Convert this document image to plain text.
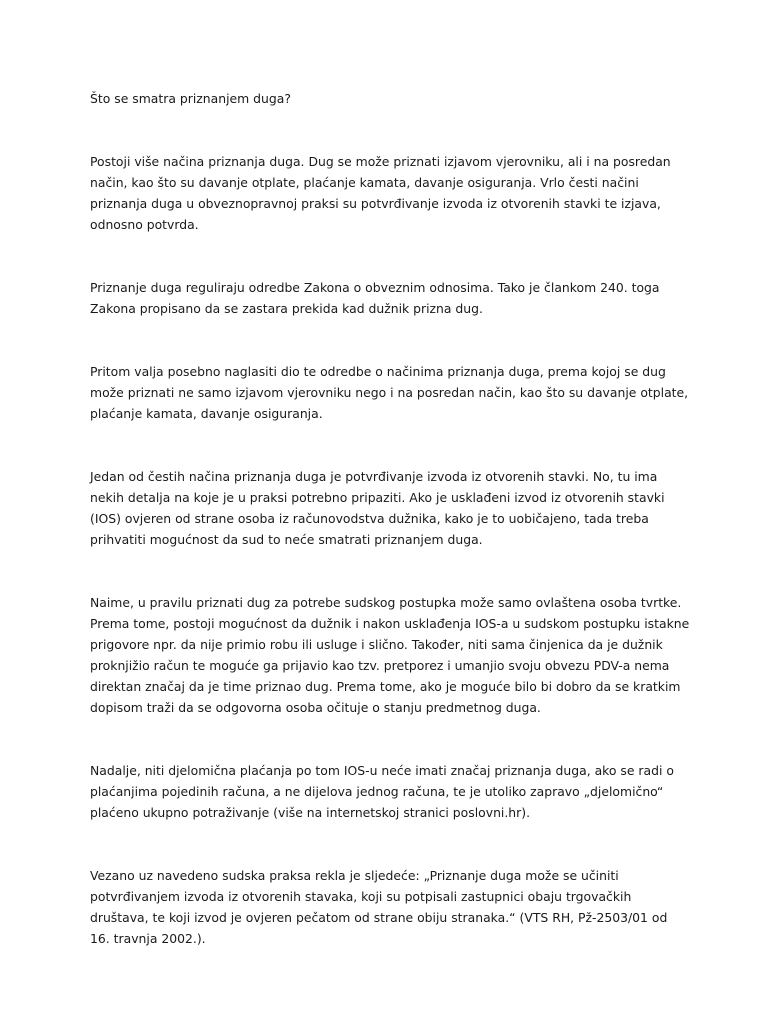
Što se smatra priznanjem duga?

Postoji više načina priznanja duga. Dug se može priznati izjavom vjerovniku, ali i na posredan način, kao što su davanje otplate, plaćanje kamata, davanje osiguranja. Vrlo česti načini priznanja duga u obveznopravnoj praksi su potvrđivanje izvoda iz otvorenih stavki te izjava, odnosno potvrda.

Priznanje duga reguliraju odredbe Zakona o obveznim odnosima. Tako je člankom 240. toga Zakona propisano da se zastara prekida kad dužnik prizna dug.

Pritom valja posebno naglasiti dio te odredbe o načinima priznanja duga, prema kojoj se dug može priznati ne samo izjavom vjerovniku nego i na posredan način, kao što su davanje otplate, plaćanje kamata, davanje osiguranja.

Jedan od čestih načina priznanja duga je potvrđivanje izvoda iz otvorenih stavki. No, tu ima nekih detalja na koje je u praksi potrebno pripaziti. Ako je usklađeni izvod iz otvorenih stavki (IOS) ovjeren od strane osoba iz računovodstva dužnika, kako je to uobičajeno, tada treba prihvatiti mogućnost da sud to neće smatrati priznanjem duga.

Naime, u pravilu priznati dug za potrebe sudskog postupka može samo ovlaštena osoba tvrtke. Prema tome, postoji mogućnost da dužnik i nakon usklađenja IOS-a u sudskom postupku istakne prigovore npr. da nije primio robu ili usluge i slično. Također, niti sama činjenica da je dužnik proknjižio račun te moguće ga prijavio kao tzv. pretporez i umanjio svoju obvezu PDV-a nema direktan značaj da je time priznao dug. Prema tome, ako je moguće bilo bi dobro da se kratkim dopisom traži da se odgovorna osoba očituje o stanju predmetnog duga.

Nadalje, niti djelomična plaćanja po tom IOS-u neće imati značaj priznanja duga, ako se radi o plaćanjima pojedinih računa, a ne dijelova jednog računa, te je utoliko zapravo „djelomično“ plaćeno ukupno potraživanje (više na internetskoj stranici poslovni.hr).

Vezano uz navedeno sudska praksa rekla je sljedeće: „Priznanje duga može se učiniti potvrđivanjem izvoda iz otvorenih stavaka, koji su potpisali zastupnici obaju trgovačkih društava, te koji izvod je ovjeren pečatom od strane obiju stranaka.“ (VTS RH, Pž-2503/01 od 16. travnja 2002.).
